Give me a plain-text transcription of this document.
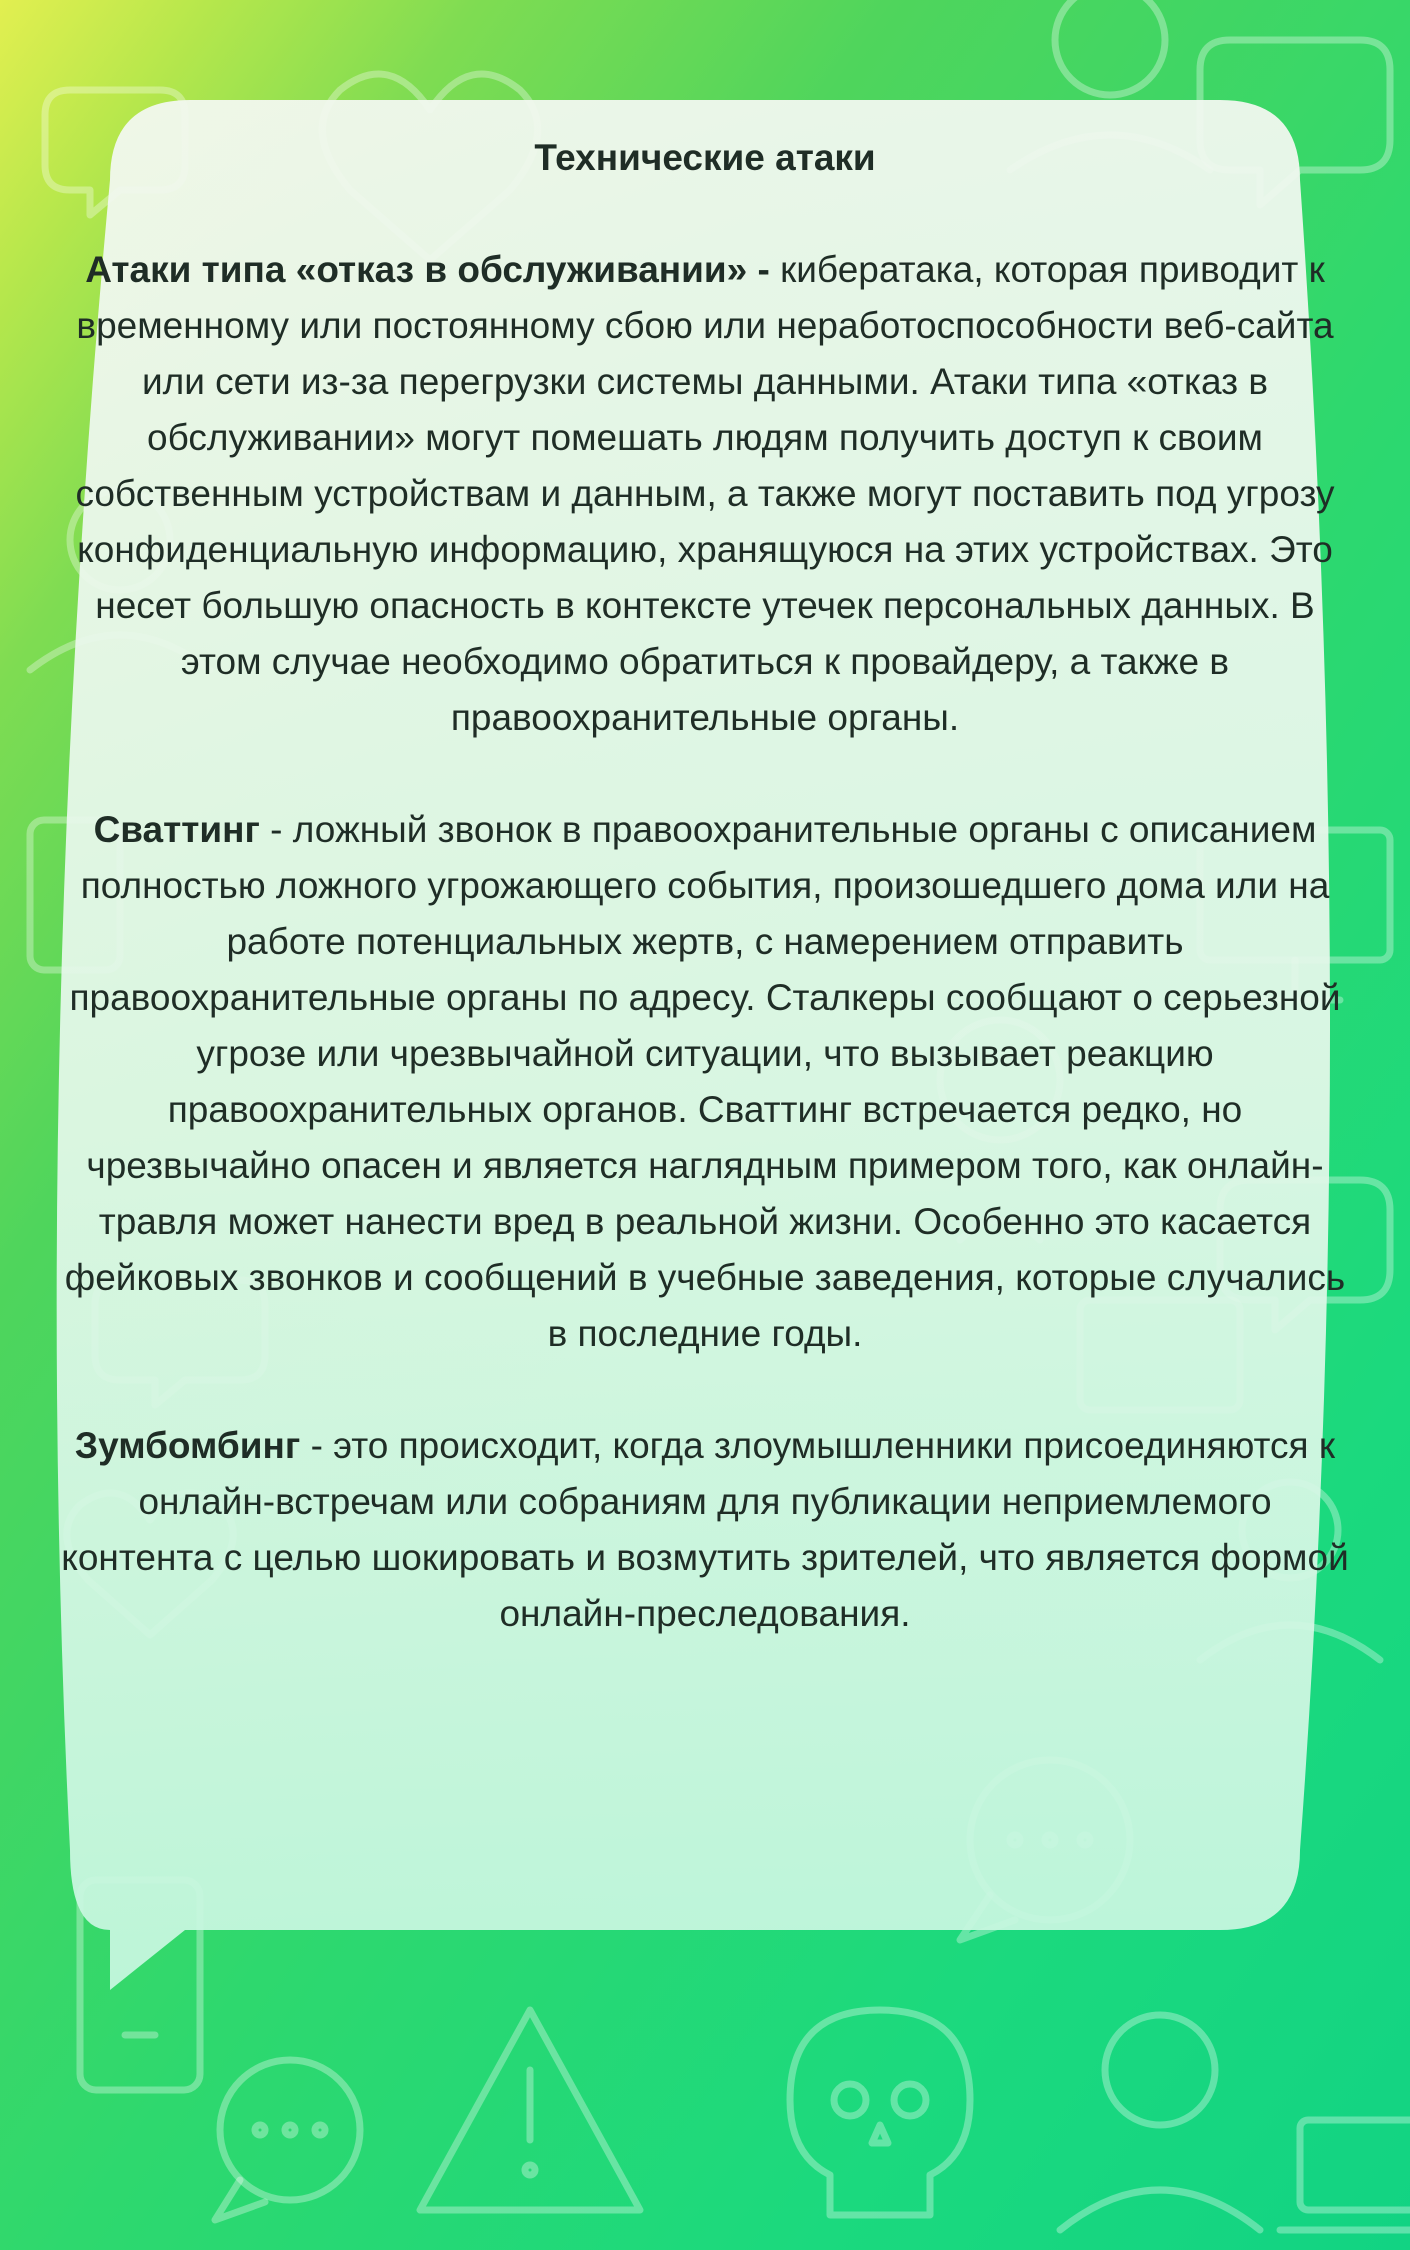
Технические атаки

Атаки типа «отказ в обслуживании» - кибератака, которая приводит к временному или постоянному сбою или неработоспособности веб-сайта или сети из-за перегрузки системы данными. Атаки типа «отказ в обслуживании» могут помешать людям получить доступ к своим собственным устройствам и данным, а также могут поставить под угрозу конфиденциальную информацию, хранящуюся на этих устройствах. Это несет большую опасность в контексте утечек персональных данных. В этом случае необходимо обратиться к провайдеру, а также в правоохранительные органы.

Сваттинг - ложный звонок в правоохранительные органы с описанием полностью ложного угрожающего события, произошедшего дома или на работе потенциальных жертв, с намерением отправить правоохранительные органы по адресу. Сталкеры сообщают о серьезной угрозе или чрезвычайной ситуации, что вызывает реакцию правоохранительных органов. Сваттинг встречается редко, но чрезвычайно опасен и является наглядным примером того, как онлайн-травля может нанести вред в реальной жизни. Особенно это касается фейковых звонков и сообщений в учебные заведения, которые случались в последние годы.

Зумбомбинг - это происходит, когда злоумышленники присоединяются к онлайн-встречам или собраниям для публикации неприемлемого контента с целью шокировать и возмутить зрителей, что является формой онлайн-преследования.
